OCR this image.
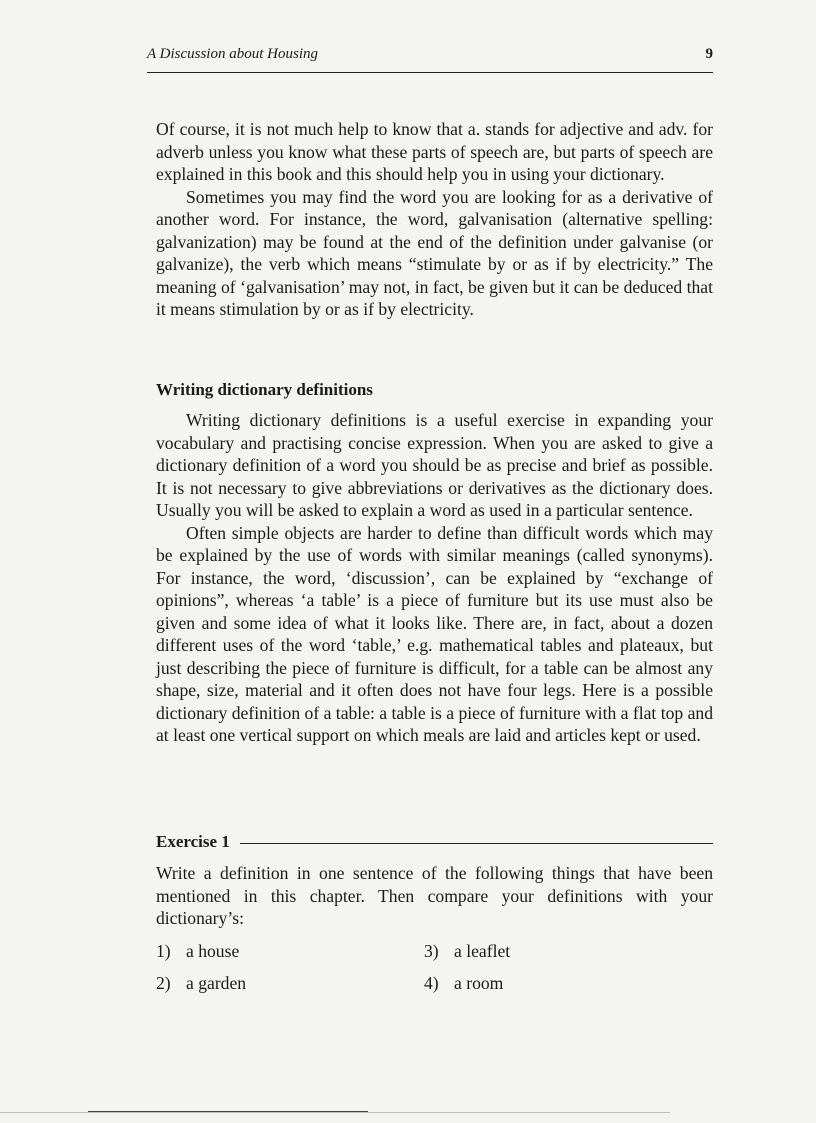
A Discussion about Housing	9

Of course, it is not much help to know that a. stands for adjective and adv. for adverb unless you know what these parts of speech are, but parts of speech are explained in this book and this should help you in using your dictionary.

Sometimes you may find the word you are looking for as a derivative of another word. For instance, the word, galvanisation (alternative spelling: galvanization) may be found at the end of the definition under galvanise (or galvanize), the verb which means “stimulate by or as if by electricity.” The meaning of ‘galvanisation’ may not, in fact, be given but it can be deduced that it means stimulation by or as if by electricity.

Writing dictionary definitions

Writing dictionary definitions is a useful exercise in expanding your vocabulary and practising concise expression. When you are asked to give a dictionary definition of a word you should be as precise and brief as possible. It is not necessary to give abbreviations or derivatives as the dictionary does. Usually you will be asked to explain a word as used in a particular sentence.

Often simple objects are harder to define than difficult words which may be explained by the use of words with similar meanings (called synonyms). For instance, the word, ‘discussion’, can be explained by “exchange of opinions”, whereas ‘a table’ is a piece of furniture but its use must also be given and some idea of what it looks like. There are, in fact, about a dozen different uses of the word ‘table,’ e.g. mathematical tables and plateaux, but just describing the piece of furniture is difficult, for a table can be almost any shape, size, material and it often does not have four legs. Here is a possible dictionary definition of a table: a table is a piece of furniture with a flat top and at least one vertical support on which meals are laid and articles kept or used.

Exercise 1

Write a definition in one sentence of the following things that have been mentioned in this chapter. Then compare your definitions with your dictionary’s:

1) a house
2) a garden
3) a leaflet
4) a room
